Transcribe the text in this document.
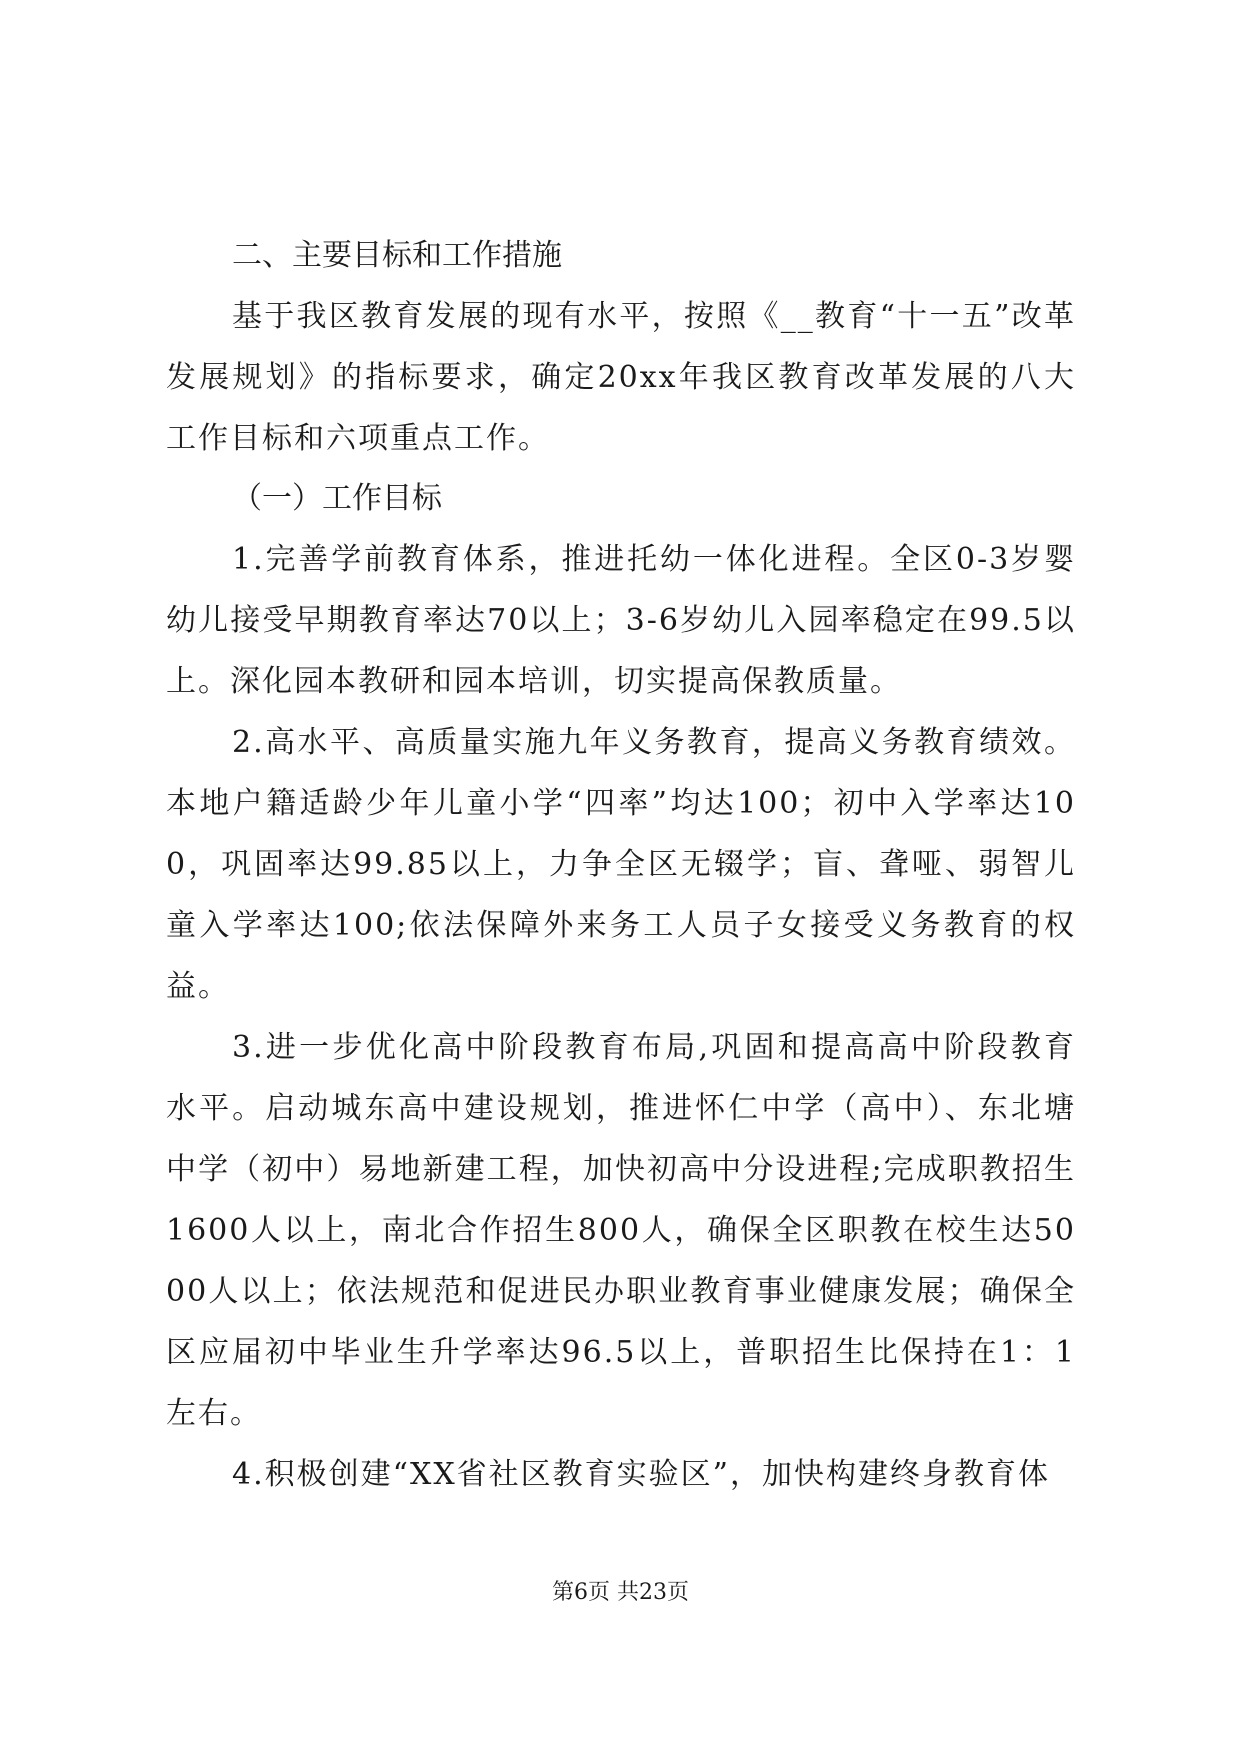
二、主要目标和工作措施

基于我区教育发展的现有水平，按照《__教育“十一五”改革发展规划》的指标要求，确定20xx年我区教育改革发展的八大工作目标和六项重点工作。

（一）工作目标

1.完善学前教育体系，推进托幼一体化进程。全区0-3岁婴幼儿接受早期教育率达70以上；3-6岁幼儿入园率稳定在99.5以上。深化园本教研和园本培训，切实提高保教质量。

2.高水平、高质量实施九年义务教育，提高义务教育绩效。本地户籍适龄少年儿童小学“四率”均达100；初中入学率达100，巩固率达99.85以上，力争全区无辍学；盲、聋哑、弱智儿童入学率达100;依法保障外来务工人员子女接受义务教育的权益。

3.进一步优化高中阶段教育布局,巩固和提高高中阶段教育水平。启动城东高中建设规划，推进怀仁中学（高中）、东北塘中学（初中）易地新建工程，加快初高中分设进程;完成职教招生1600人以上，南北合作招生800人，确保全区职教在校生达5000人以上；依法规范和促进民办职业教育事业健康发展；确保全区应届初中毕业生升学率达96.5以上，普职招生比保持在1：1左右。

4.积极创建“XX省社区教育实验区”，加快构建终身教育体

第6页 共23页
